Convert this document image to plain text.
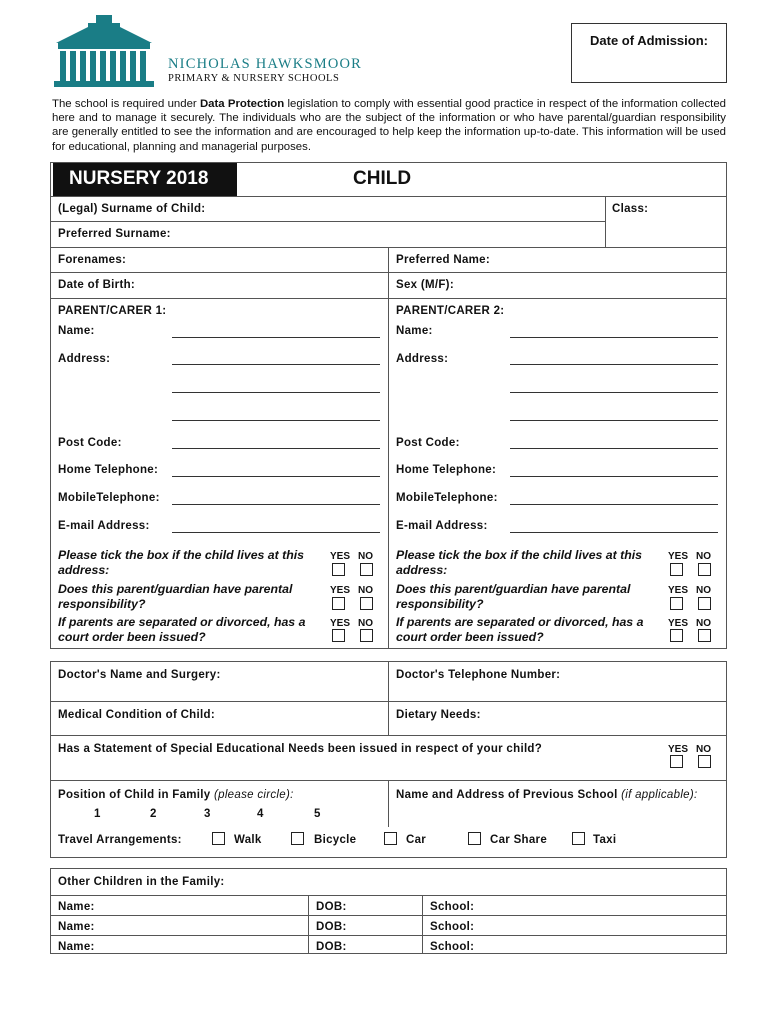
NICHOLAS HAWKSMOOR
PRIMARY & NURSERY SCHOOLS
Date of Admission:
The school is required under Data Protection legislation to comply with essential good practice in respect of the information collected here and to manage it securely. The individuals who are the subject of the information or who have parental/guardian responsibility are generally entitled to see the information and are encouraged to help keep the information up-to-date. This information will be used for educational, planning and managerial purposes.
NURSERY 2018	CHILD
(Legal) Surname of Child:	Class:
Preferred Surname:
Forenames:	Preferred Name:
Date of Birth:	Sex (M/F):
PARENT/CARER 1:
Name:
Address:
Post Code:
Home Telephone:
MobileTelephone:
E-mail Address:
Please tick the box if the child lives at this address:
Does this parent/guardian have parental responsibility?
If parents are separated or divorced, has a court order been issued?
PARENT/CARER 2:
Name:
Address:
Post Code:
Home Telephone:
MobileTelephone:
E-mail Address:
Please tick the box if the child lives at this address:
Does this parent/guardian have parental responsibility?
If parents are separated or divorced, has a court order been issued?
YES NO
YES NO
YES NO
YES NO
YES NO
YES NO
Doctor's Name and Surgery:	Doctor's Telephone Number:
Medical Condition of Child:	Dietary Needs:
Has a Statement of Special Educational Needs been issued in respect of your child?	YES NO
Position of Child in Family (please circle):
1	2	3	4	5
Name and Address of Previous School (if applicable):
Travel Arrangements:	Walk	Bicycle	Car	Car Share	Taxi
Other Children in the Family:
Name:	DOB:	School:
Name:	DOB:	School:
Name:	DOB:	School:
